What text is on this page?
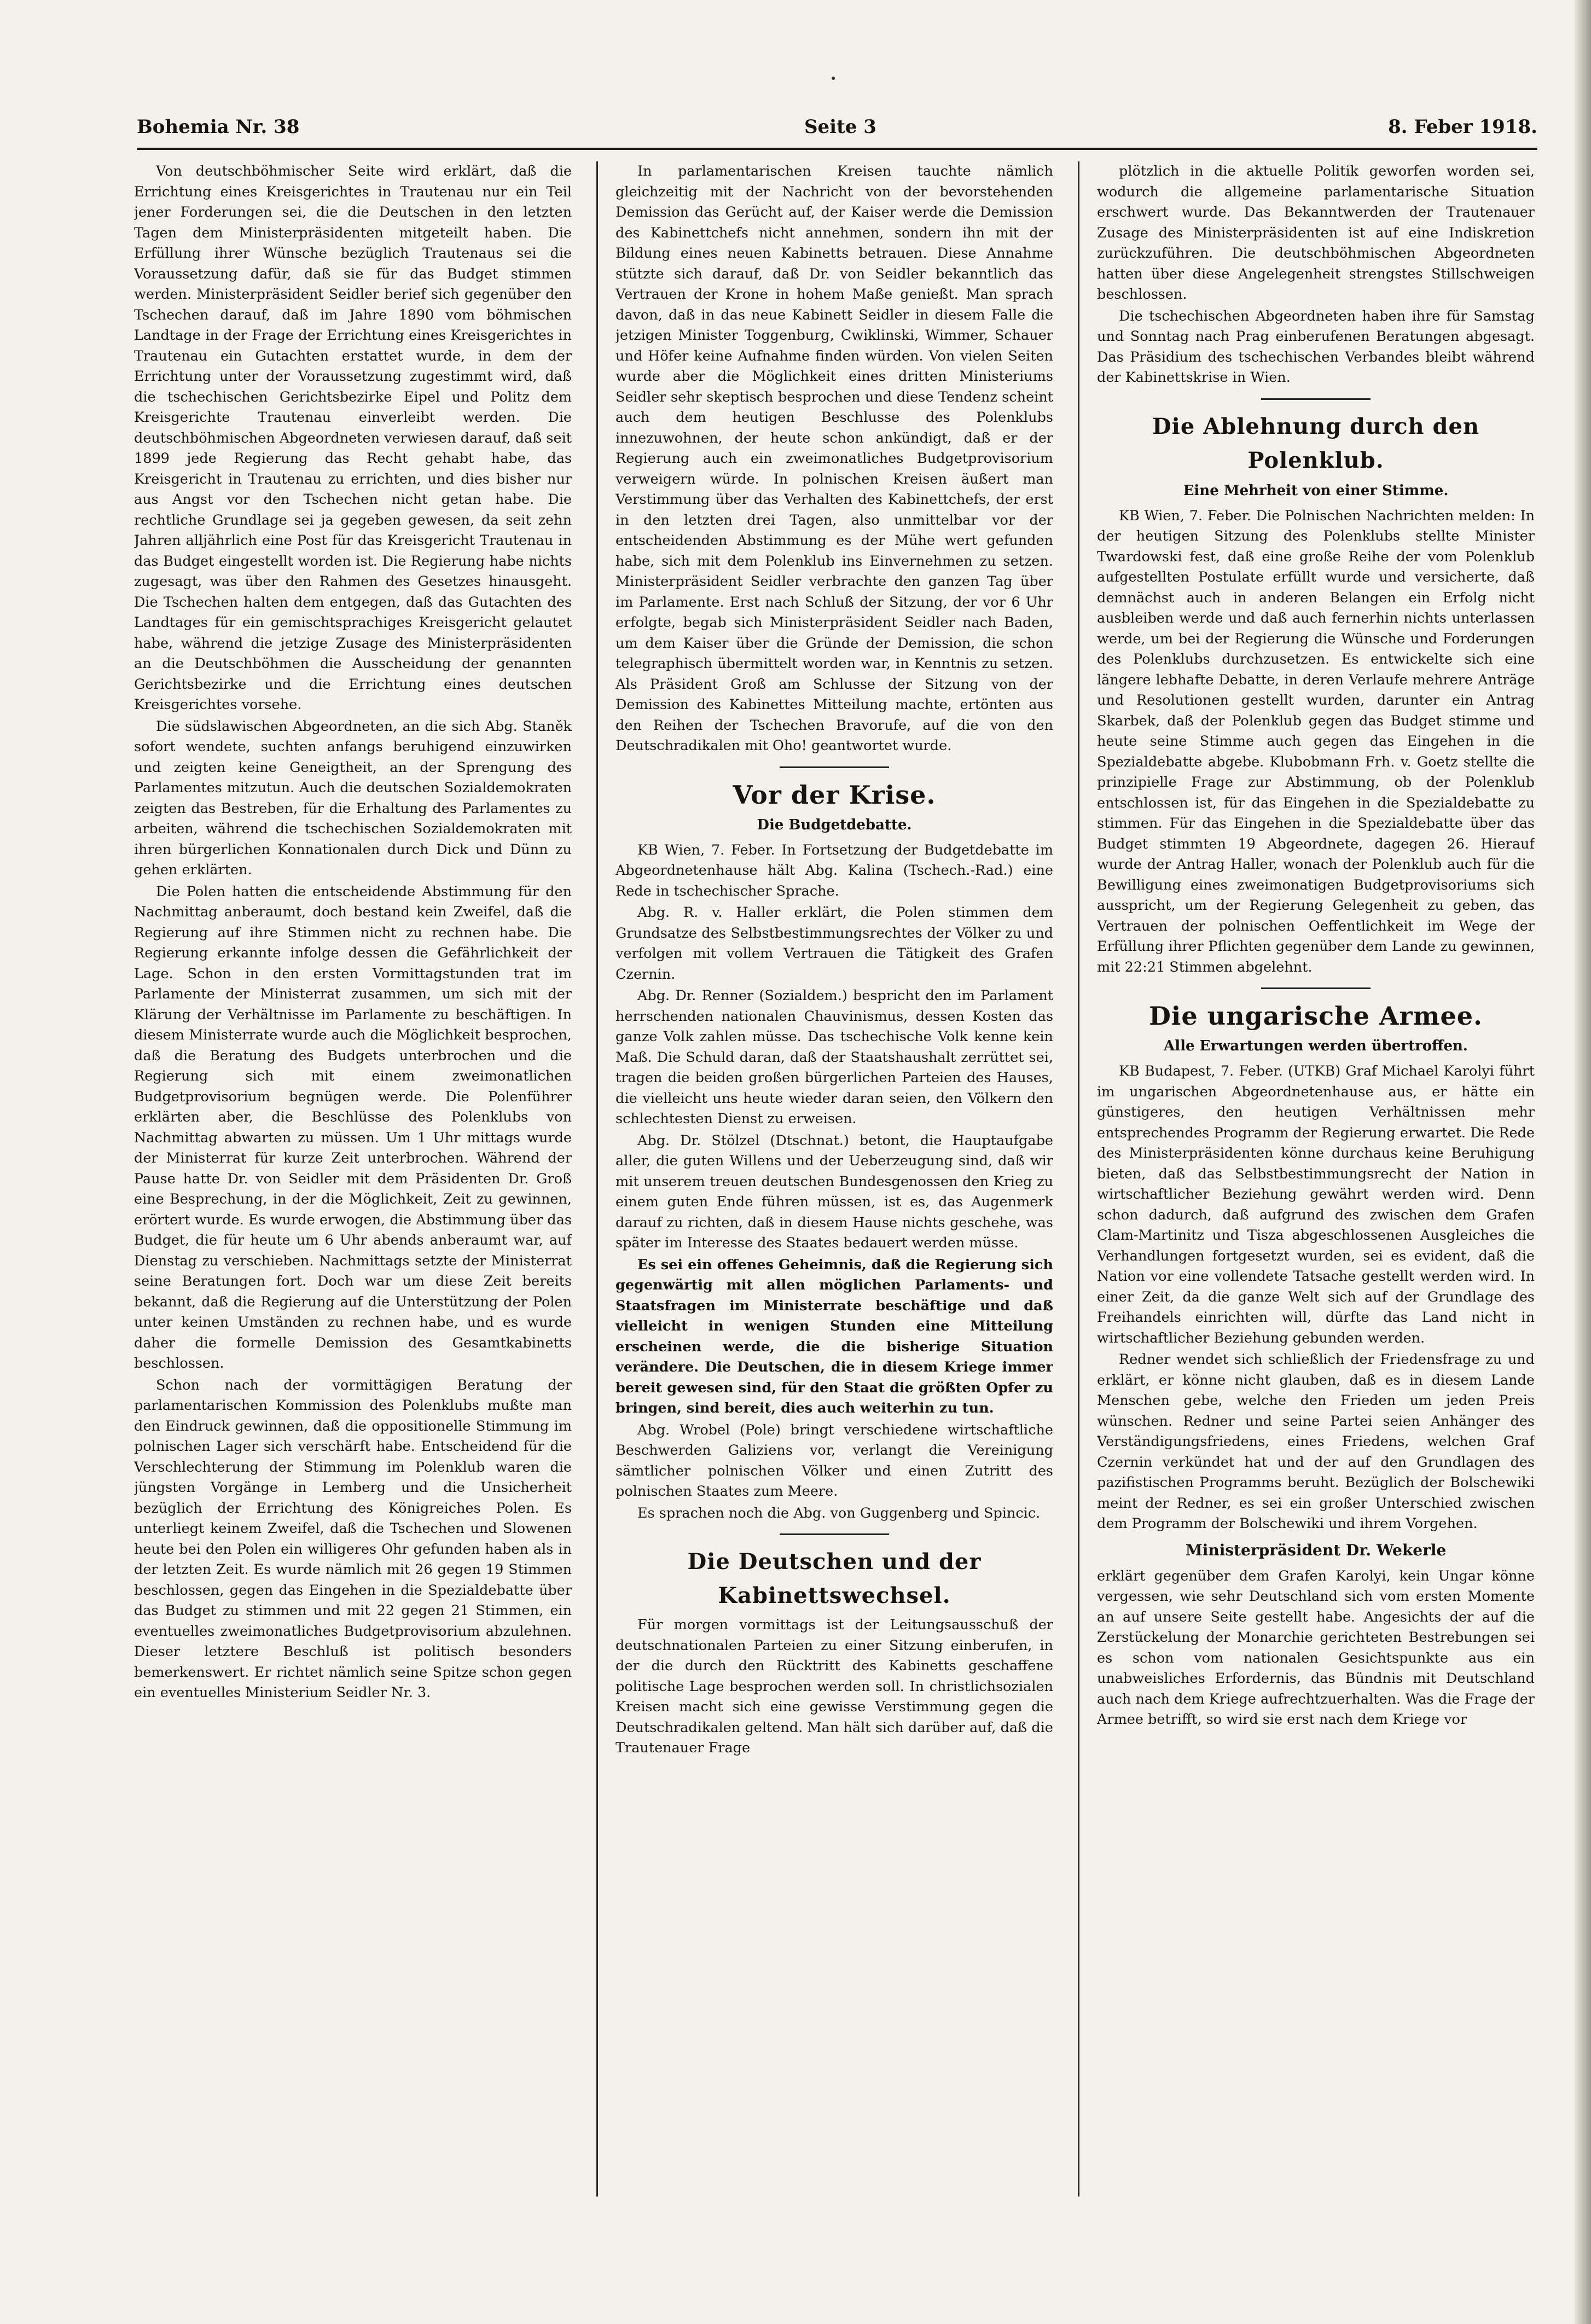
Bohemia Nr. 38	Seite 3	8. Feber 1918.

Von deutschböhmischer Seite wird erklärt, daß die Errichtung eines Kreisgerichtes in Trautenau nur ein Teil jener Forderungen sei, die die Deutschen in den letzten Tagen dem Ministerpräsidenten mitgeteilt haben. Die Erfüllung ihrer Wünsche bezüglich Trautenaus sei die Voraussetzung dafür, daß sie für das Budget stimmen werden. Ministerpräsident Seidler berief sich gegenüber den Tschechen darauf, daß im Jahre 1890 vom böhmischen Landtage in der Frage der Errichtung eines Kreisgerichtes in Trautenau ein Gutachten erstattet wurde, in dem der Errichtung unter der Voraussetzung zugestimmt wird, daß die tschechischen Gerichtsbezirke Eipel und Politz dem Kreisgerichte Trautenau einverleibt werden. Die deutschböhmischen Abgeordneten verwiesen darauf, daß seit 1899 jede Regierung das Recht gehabt habe, das Kreisgericht in Trautenau zu errichten, und dies bisher nur aus Angst vor den Tschechen nicht getan habe. Die rechtliche Grundlage sei ja gegeben gewesen, da seit zehn Jahren alljährlich eine Post für das Kreisgericht Trautenau in das Budget eingestellt worden ist. Die Regierung habe nichts zugesagt, was über den Rahmen des Gesetzes hinausgeht. Die Tschechen halten dem entgegen, daß das Gutachten des Landtages für ein gemischtsprachiges Kreisgericht gelautet habe, während die jetzige Zusage des Ministerpräsidenten an die Deutschböhmen die Ausscheidung der genannten Gerichtsbezirke und die Errichtung eines deutschen Kreisgerichtes vorsehe.

Die südslawischen Abgeordneten, an die sich Abg. Staněk sofort wendete, suchten anfangs beruhigend einzuwirken und zeigten keine Geneigtheit, an der Sprengung des Parlamentes mitzutun. Auch die deutschen Sozialdemokraten zeigten das Bestreben, für die Erhaltung des Parlamentes zu arbeiten, während die tschechischen Sozialdemokraten mit ihren bürgerlichen Konnationalen durch Dick und Dünn zu gehen erklärten.

Die Polen hatten die entscheidende Abstimmung für den Nachmittag anberaumt, doch bestand kein Zweifel, daß die Regierung auf ihre Stimmen nicht zu rechnen habe. Die Regierung erkannte infolge dessen die Gefährlichkeit der Lage. Schon in den ersten Vormittagstunden trat im Parlamente der Ministerrat zusammen, um sich mit der Klärung der Verhältnisse im Parlamente zu beschäftigen. In diesem Ministerrate wurde auch die Möglichkeit besprochen, daß die Beratung des Budgets unterbrochen und die Regierung sich mit einem zweimonatlichen Budgetprovisorium begnügen werde. Die Polenführer erklärten aber, die Beschlüsse des Polenklubs von Nachmittag abwarten zu müssen. Um 1 Uhr mittags wurde der Ministerrat für kurze Zeit unterbrochen. Während der Pause hatte Dr. von Seidler mit dem Präsidenten Dr. Groß eine Besprechung, in der die Möglichkeit, Zeit zu gewinnen, erörtert wurde. Es wurde erwogen, die Abstimmung über das Budget, die für heute um 6 Uhr abends anberaumt war, auf Dienstag zu verschieben. Nachmittags setzte der Ministerrat seine Beratungen fort. Doch war um diese Zeit bereits bekannt, daß die Regierung auf die Unterstützung der Polen unter keinen Umständen zu rechnen habe, und es wurde daher die formelle Demission des Gesamtkabinetts beschlossen.

Schon nach der vormittägigen Beratung der parlamentarischen Kommission des Polenklubs mußte man den Eindruck gewinnen, daß die oppositionelle Stimmung im polnischen Lager sich verschärft habe. Entscheidend für die Verschlechterung der Stimmung im Polenklub waren die jüngsten Vorgänge in Lemberg und die Unsicherheit bezüglich der Errichtung des Königreiches Polen. Es unterliegt keinem Zweifel, daß die Tschechen und Slowenen heute bei den Polen ein willigeres Ohr gefunden haben als in der letzten Zeit. Es wurde nämlich mit 26 gegen 19 Stimmen beschlossen, gegen das Eingehen in die Spezialdebatte über das Budget zu stimmen und mit 22 gegen 21 Stimmen, ein eventuelles zweimonatliches Budgetprovisorium abzulehnen. Dieser letztere Beschluß ist politisch besonders bemerkenswert. Er richtet nämlich seine Spitze schon gegen ein eventuelles Ministerium Seidler Nr. 3.

In parlamentarischen Kreisen tauchte nämlich gleichzeitig mit der Nachricht von der bevorstehenden Demission das Gerücht auf, der Kaiser werde die Demission des Kabinettchefs nicht annehmen, sondern ihn mit der Bildung eines neuen Kabinetts betrauen. Diese Annahme stützte sich darauf, daß Dr. von Seidler bekanntlich das Vertrauen der Krone in hohem Maße genießt. Man sprach davon, daß in das neue Kabinett Seidler in diesem Falle die jetzigen Minister Toggenburg, Cwiklinski, Wimmer, Schauer und Höfer keine Aufnahme finden würden. Von vielen Seiten wurde aber die Möglichkeit eines dritten Ministeriums Seidler sehr skeptisch besprochen und diese Tendenz scheint auch dem heutigen Beschlusse des Polenklubs innezuwohnen, der heute schon ankündigt, daß er der Regierung auch ein zweimonatliches Budgetprovisorium verweigern würde. In polnischen Kreisen äußert man Verstimmung über das Verhalten des Kabinettchefs, der erst in den letzten drei Tagen, also unmittelbar vor der entscheidenden Abstimmung es der Mühe wert gefunden habe, sich mit dem Polenklub ins Einvernehmen zu setzen. Ministerpräsident Seidler verbrachte den ganzen Tag über im Parlamente. Erst nach Schluß der Sitzung, der vor 6 Uhr erfolgte, begab sich Ministerpräsident Seidler nach Baden, um dem Kaiser über die Gründe der Demission, die schon telegraphisch übermittelt worden war, in Kenntnis zu setzen. Als Präsident Groß am Schlusse der Sitzung von der Demission des Kabinettes Mitteilung machte, ertönten aus den Reihen der Tschechen Bravorufe, auf die von den Deutschradikalen mit Oho! geantwortet wurde.

Vor der Krise.
Die Budgetdebatte.

KB Wien, 7. Feber. In Fortsetzung der Budgetdebatte im Abgeordnetenhause hält Abg. Kalina (Tschech.-Rad.) eine Rede in tschechischer Sprache.

Abg. R. v. Haller erklärt, die Polen stimmen dem Grundsatze des Selbstbestimmungsrechtes der Völker zu und verfolgen mit vollem Vertrauen die Tätigkeit des Grafen Czernin.

Abg. Dr. Renner (Sozialdem.) bespricht den im Parlament herrschenden nationalen Chauvinismus, dessen Kosten das ganze Volk zahlen müsse. Das tschechische Volk kenne kein Maß. Die Schuld daran, daß der Staatshaushalt zerrüttet sei, tragen die beiden großen bürgerlichen Parteien des Hauses, die vielleicht uns heute wieder daran seien, den Völkern den schlechtesten Dienst zu erweisen.

Abg. Dr. Stölzel (Dtschnat.) betont, die Hauptaufgabe aller, die guten Willens und der Ueberzeugung sind, daß wir mit unserem treuen deutschen Bundesgenossen den Krieg zu einem guten Ende führen müssen, ist es, das Augenmerk darauf zu richten, daß in diesem Hause nichts geschehe, was später im Interesse des Staates bedauert werden müsse.

Es sei ein offenes Geheimnis, daß die Regierung sich gegenwärtig mit allen möglichen Parlaments- und Staatsfragen im Ministerrate beschäftige und daß vielleicht in wenigen Stunden eine Mitteilung erscheinen werde, die die bisherige Situation verändere. Die Deutschen, die in diesem Kriege immer bereit gewesen sind, für den Staat die größten Opfer zu bringen, sind bereit, dies auch weiterhin zu tun.

Abg. Wrobel (Pole) bringt verschiedene wirtschaftliche Beschwerden Galiziens vor, verlangt die Vereinigung sämtlicher polnischen Völker und einen Zutritt des polnischen Staates zum Meere.

Es sprachen noch die Abg. von Guggenberg und Spincic.

Die Deutschen und der Kabinettswechsel.

Für morgen vormittags ist der Leitungsausschuß der deutschnationalen Parteien zu einer Sitzung einberufen, in der die durch den Rücktritt des Kabinetts geschaffene politische Lage besprochen werden soll. In christlichsozialen Kreisen macht sich eine gewisse Verstimmung gegen die Deutschradikalen geltend. Man hält sich darüber auf, daß die Trautenauer Frage

plötzlich in die aktuelle Politik geworfen worden sei, wodurch die allgemeine parlamentarische Situation erschwert wurde. Das Bekanntwerden der Trautenauer Zusage des Ministerpräsidenten ist auf eine Indiskretion zurückzuführen. Die deutschböhmischen Abgeordneten hatten über diese Angelegenheit strengstes Stillschweigen beschlossen.

Die tschechischen Abgeordneten haben ihre für Samstag und Sonntag nach Prag einberufenen Beratungen abgesagt. Das Präsidium des tschechischen Verbandes bleibt während der Kabinettskrise in Wien.

Die Ablehnung durch den Polenklub.
Eine Mehrheit von einer Stimme.

KB Wien, 7. Feber. Die Polnischen Nachrichten melden: In der heutigen Sitzung des Polenklubs stellte Minister Twardowski fest, daß eine große Reihe der vom Polenklub aufgestellten Postulate erfüllt wurde und versicherte, daß demnächst auch in anderen Belangen ein Erfolg nicht ausbleiben werde und daß auch fernerhin nichts unterlassen werde, um bei der Regierung die Wünsche und Forderungen des Polenklubs durchzusetzen. Es entwickelte sich eine längere lebhafte Debatte, in deren Verlaufe mehrere Anträge und Resolutionen gestellt wurden, darunter ein Antrag Skarbek, daß der Polenklub gegen das Budget stimme und heute seine Stimme auch gegen das Eingehen in die Spezialdebatte abgebe. Klubobmann Frh. v. Goetz stellte die prinzipielle Frage zur Abstimmung, ob der Polenklub entschlossen ist, für das Eingehen in die Spezialdebatte zu stimmen. Für das Eingehen in die Spezialdebatte über das Budget stimmten 19 Abgeordnete, dagegen 26. Hierauf wurde der Antrag Haller, wonach der Polenklub auch für die Bewilligung eines zweimonatigen Budgetprovisoriums sich ausspricht, um der Regierung Gelegenheit zu geben, das Vertrauen der polnischen Oeffentlichkeit im Wege der Erfüllung ihrer Pflichten gegenüber dem Lande zu gewinnen, mit 22:21 Stimmen abgelehnt.

Die ungarische Armee.
Alle Erwartungen werden übertroffen.

KB Budapest, 7. Feber. (UTKB) Graf Michael Karolyi führt im ungarischen Abgeordnetenhause aus, er hätte ein günstigeres, den heutigen Verhältnissen mehr entsprechendes Programm der Regierung erwartet. Die Rede des Ministerpräsidenten könne durchaus keine Beruhigung bieten, daß das Selbstbestimmungsrecht der Nation in wirtschaftlicher Beziehung gewährt werden wird. Denn schon dadurch, daß aufgrund des zwischen dem Grafen Clam-Martinitz und Tisza abgeschlossenen Ausgleiches die Verhandlungen fortgesetzt wurden, sei es evident, daß die Nation vor eine vollendete Tatsache gestellt werden wird. In einer Zeit, da die ganze Welt sich auf der Grundlage des Freihandels einrichten will, dürfte das Land nicht in wirtschaftlicher Beziehung gebunden werden.

Redner wendet sich schließlich der Friedensfrage zu und erklärt, er könne nicht glauben, daß es in diesem Lande Menschen gebe, welche den Frieden um jeden Preis wünschen. Redner und seine Partei seien Anhänger des Verständigungsfriedens, eines Friedens, welchen Graf Czernin verkündet hat und der auf den Grundlagen des pazifistischen Programms beruht. Bezüglich der Bolschewiki meint der Redner, es sei ein großer Unterschied zwischen dem Programm der Bolschewiki und ihrem Vorgehen.

Ministerpräsident Dr. Wekerle

erklärt gegenüber dem Grafen Karolyi, kein Ungar könne vergessen, wie sehr Deutschland sich vom ersten Momente an auf unsere Seite gestellt habe. Angesichts der auf die Zerstückelung der Monarchie gerichteten Bestrebungen sei es schon vom nationalen Gesichtspunkte aus ein unabweisliches Erfordernis, das Bündnis mit Deutschland auch nach dem Kriege aufrechtzuerhalten. Was die Frage der Armee betrifft, so wird sie erst nach dem Kriege vor
